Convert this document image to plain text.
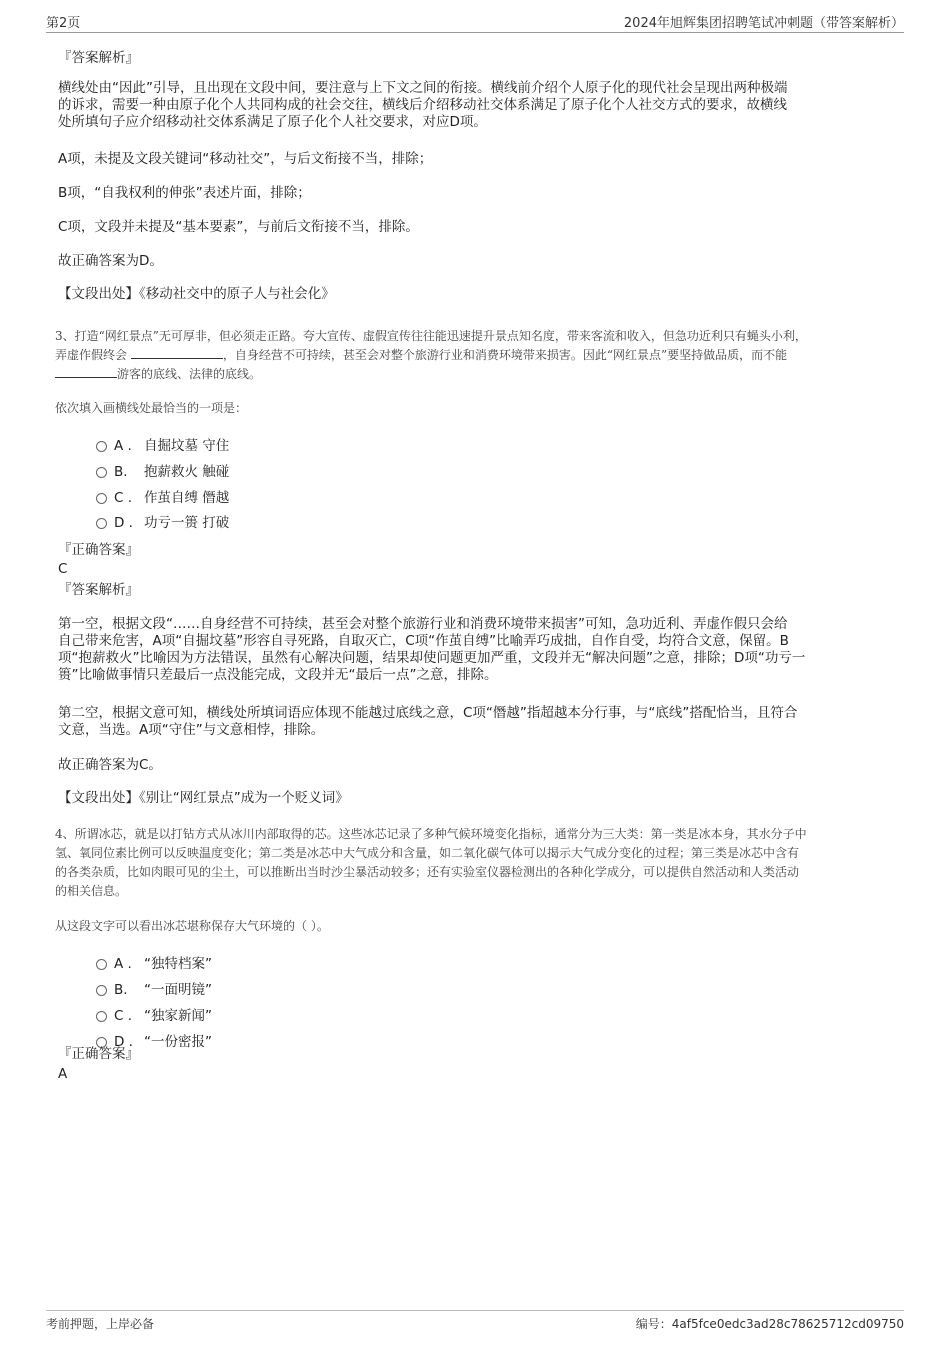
第2页	2024年旭辉集团招聘笔试冲刺题（带答案解析）
『答案解析』
横线处由“因此”引导，且出现在文段中间，要注意与上下文之间的衔接。横线前介绍个人原子化的现代社会呈现出两种极端
的诉求，需要一种由原子化个人共同构成的社会交往，横线后介绍移动社交体系满足了原子化个人社交方式的要求，故横线
处所填句子应介绍移动社交体系满足了原子化个人社交要求，对应D项。
A项，未提及文段关键词“移动社交”，与后文衔接不当，排除；
B项，“自我权利的伸张”表述片面，排除；
C项，文段并未提及“基本要素”，与前后文衔接不当，排除。
故正确答案为D。
【文段出处】《移动社交中的原子人与社会化》
3、打造“网红景点”无可厚非，但必须走正路。夸大宣传、虚假宣传往往能迅速提升景点知名度，带来客流和收入，但急功近利只有蝇头小利，
弄虚作假终会	，自身经营不可持续，甚至会对整个旅游行业和消费环境带来损害。因此“网红景点”要坚持做品质，而不能
游客的底线、法律的底线。
依次填入画横线处最恰当的一项是：
A . 自掘坟墓 守住
B. 抱薪救火 触碰
C . 作茧自缚 僭越
D . 功亏一篑 打破
『正确答案』
C
『答案解析』
第一空，根据文段“……自身经营不可持续，甚至会对整个旅游行业和消费环境带来损害”可知，急功近利、弄虚作假只会给
自己带来危害，A项“自掘坟墓”形容自寻死路，自取灭亡，C项“作茧自缚”比喻弄巧成拙，自作自受，均符合文意，保留。B
项“抱薪救火”比喻因为方法错误，虽然有心解决问题，结果却使问题更加严重，文段并无“解决问题”之意，排除；D项“功亏一
篑”比喻做事情只差最后一点没能完成，文段并无“最后一点”之意，排除。
第二空，根据文意可知，横线处所填词语应体现不能越过底线之意，C项“僭越”指超越本分行事，与“底线”搭配恰当，且符合
文意，当选。A项“守住”与文意相悖，排除。
故正确答案为C。
【文段出处】《别让“网红景点”成为一个贬义词》
4、所谓冰芯，就是以打钻方式从冰川内部取得的芯。这些冰芯记录了多种气候环境变化指标，通常分为三大类：第一类是冰本身，其水分子中
氢、氧同位素比例可以反映温度变化；第二类是冰芯中大气成分和含量，如二氧化碳气体可以揭示大气成分变化的过程；第三类是冰芯中含有
的各类杂质，比如肉眼可见的尘土，可以推断出当时沙尘暴活动较多；还有实验室仪器检测出的各种化学成分，可以提供自然活动和人类活动
的相关信息。
从这段文字可以看出冰芯堪称保存大气环境的（ ）。
A . “独特档案”
B. “一面明镜”
C . “独家新闻”
D . “一份密报”
『正确答案』
A
考前押题，上岸必备	编号：4af5fce0edc3ad28c78625712cd09750
